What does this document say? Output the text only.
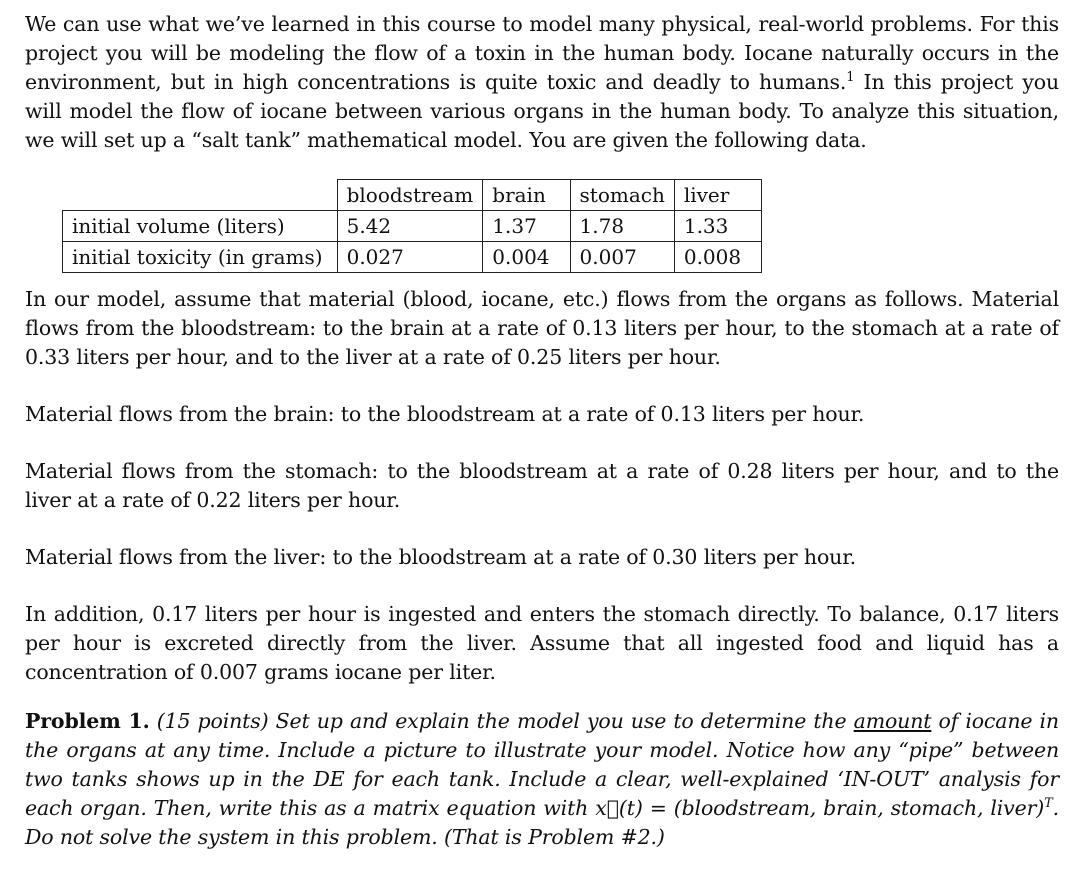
We can use what we’ve learned in this course to model many physical, real-world problems. For this project you will be modeling the flow of a toxin in the human body. Iocane naturally occurs in the environment, but in high concentrations is quite toxic and deadly to humans.$^1$ In this project you will model the flow of iocane between various organs in the human body. To analyze this situation, we will set up a “salt tank” mathematical model. You are given the following data.

	bloodstream	brain	stomach	liver
initial volume (liters)	5.42	1.37	1.78	1.33
initial toxicity (in grams)	0.027	0.004	0.007	0.008

In our model, assume that material (blood, iocane, etc.) flows from the organs as follows. Material flows from the bloodstream: to the brain at a rate of 0.13 liters per hour, to the stomach at a rate of 0.33 liters per hour, and to the liver at a rate of 0.25 liters per hour.

Material flows from the brain: to the bloodstream at a rate of 0.13 liters per hour.

Material flows from the stomach: to the bloodstream at a rate of 0.28 liters per hour, and to the liver at a rate of 0.22 liters per hour.

Material flows from the liver: to the bloodstream at a rate of 0.30 liters per hour.

In addition, 0.17 liters per hour is ingested and enters the stomach directly. To balance, 0.17 liters per hour is excreted directly from the liver. Assume that all ingested food and liquid has a concentration of 0.007 grams iocane per liter.

Problem 1. (15 points) Set up and explain the model you use to determine the amount of iocane in the organs at any time. Include a picture to illustrate your model. Notice how any “pipe” between two tanks shows up in the DE for each tank. Include a clear, well-explained ‘IN-OUT’ analysis for each organ. Then, write this as a matrix equation with x⃗(t) = (bloodstream, brain, stomach, liver)$^T$. Do not solve the system in this problem. (That is Problem #2.)
